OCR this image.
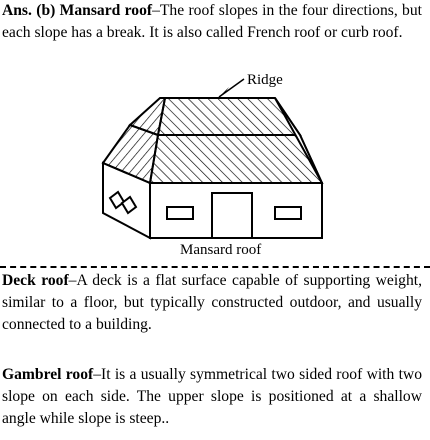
Ans. (b) Mansard roof–The roof slopes in the four directions, but each slope has a break. It is also called French roof or curb roof.

Ridge
Mansard roof

Deck roof–A deck is a flat surface capable of supporting weight, similar to a floor, but typically constructed outdoor, and usually connected to a building.

Gambrel roof–It is a usually symmetrical two sided roof with two slope on each side. The upper slope is positioned at a shallow angle while slope is steep..
